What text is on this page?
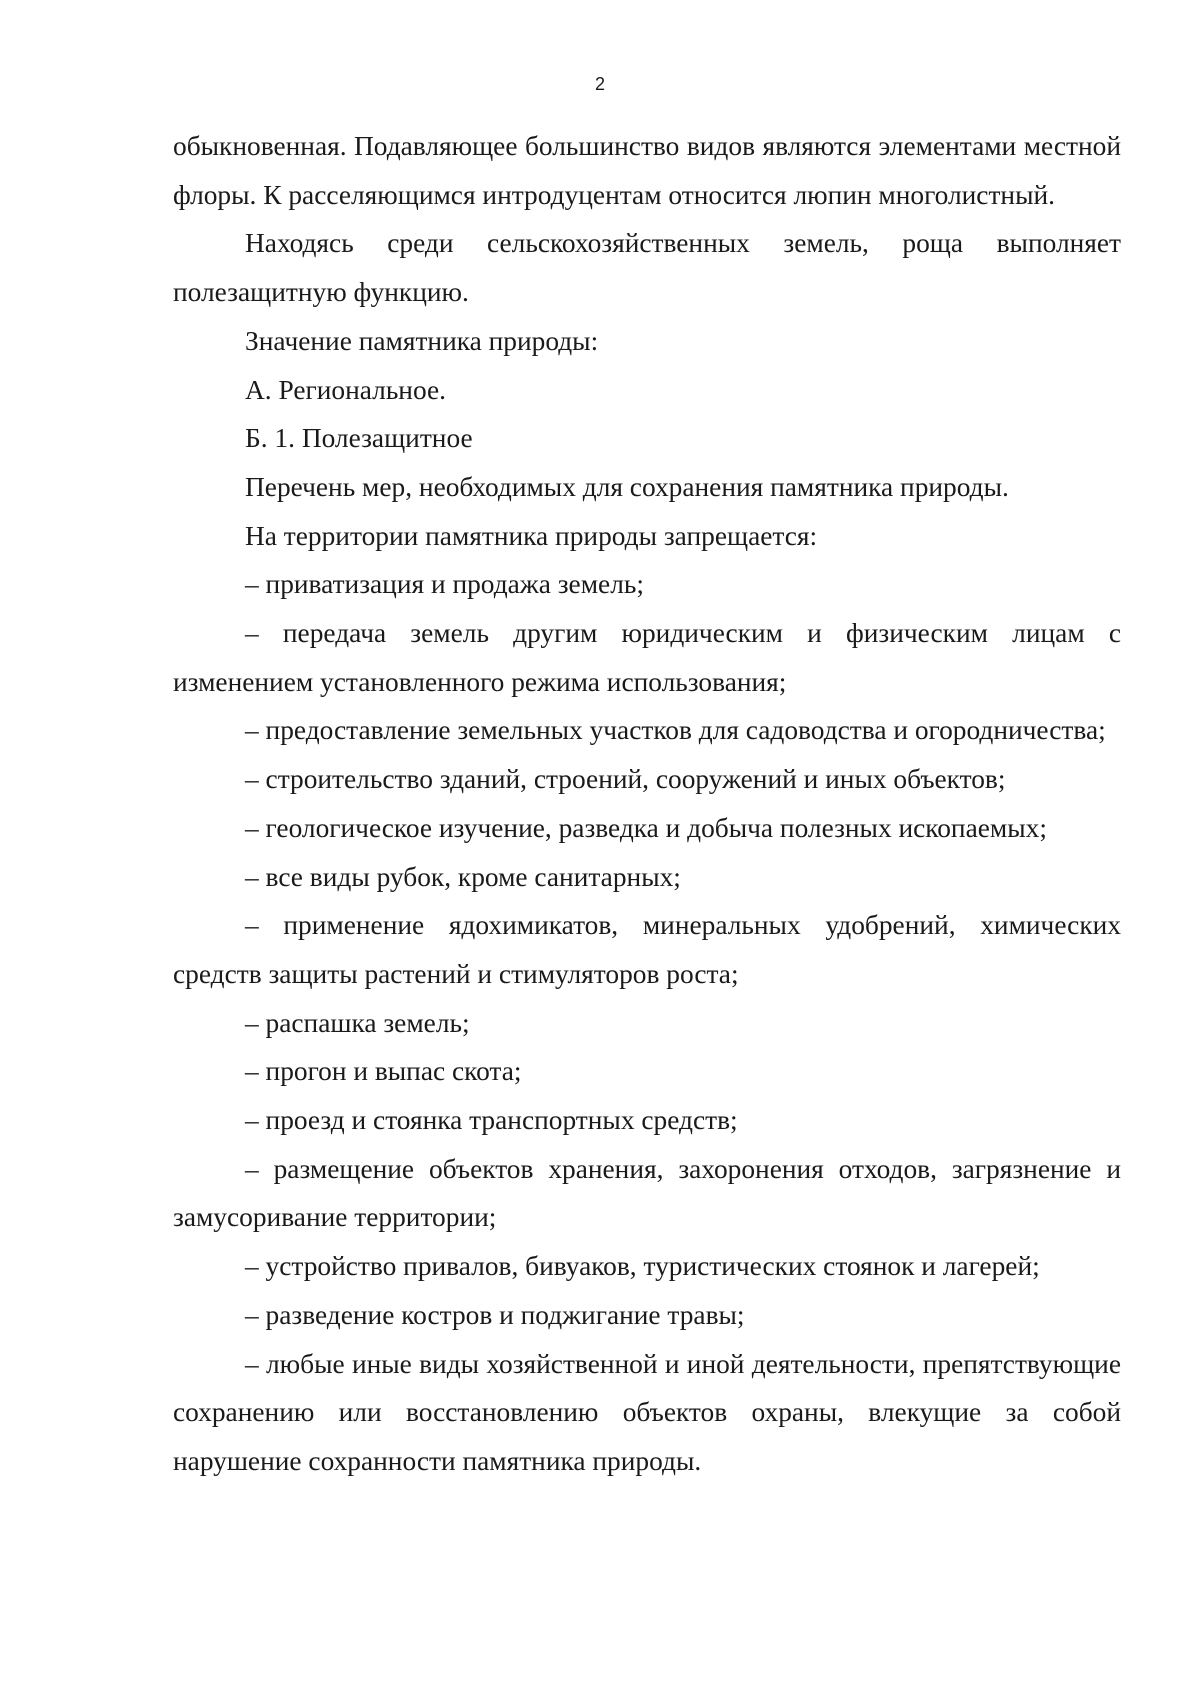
2

обыкновенная. Подавляющее большинство видов являются элементами местной флоры. К расселяющимся интродуцентам относится люпин многолистный.

Находясь среди сельскохозяйственных земель, роща выполняет полезащитную функцию.

Значение памятника природы:

А. Региональное.

Б. 1. Полезащитное

Перечень мер, необходимых для сохранения памятника природы.

На территории памятника природы запрещается:

– приватизация и продажа земель;

– передача земель другим юридическим и физическим лицам с изменением установленного режима использования;

– предоставление земельных участков для садоводства и огородничества;

– строительство зданий, строений, сооружений и иных объектов;

– геологическое изучение, разведка и добыча полезных ископаемых;

– все виды рубок, кроме санитарных;

– применение ядохимикатов, минеральных удобрений, химических средств защиты растений и стимуляторов роста;

– распашка земель;

– прогон и выпас скота;

– проезд и стоянка транспортных средств;

– размещение объектов хранения, захоронения отходов, загрязнение и замусоривание территории;

– устройство привалов, бивуаков, туристических стоянок и лагерей;

– разведение костров и поджигание травы;

– любые иные виды хозяйственной и иной деятельности, препятствующие сохранению или восстановлению объектов охраны, влекущие за собой нарушение сохранности памятника природы.
